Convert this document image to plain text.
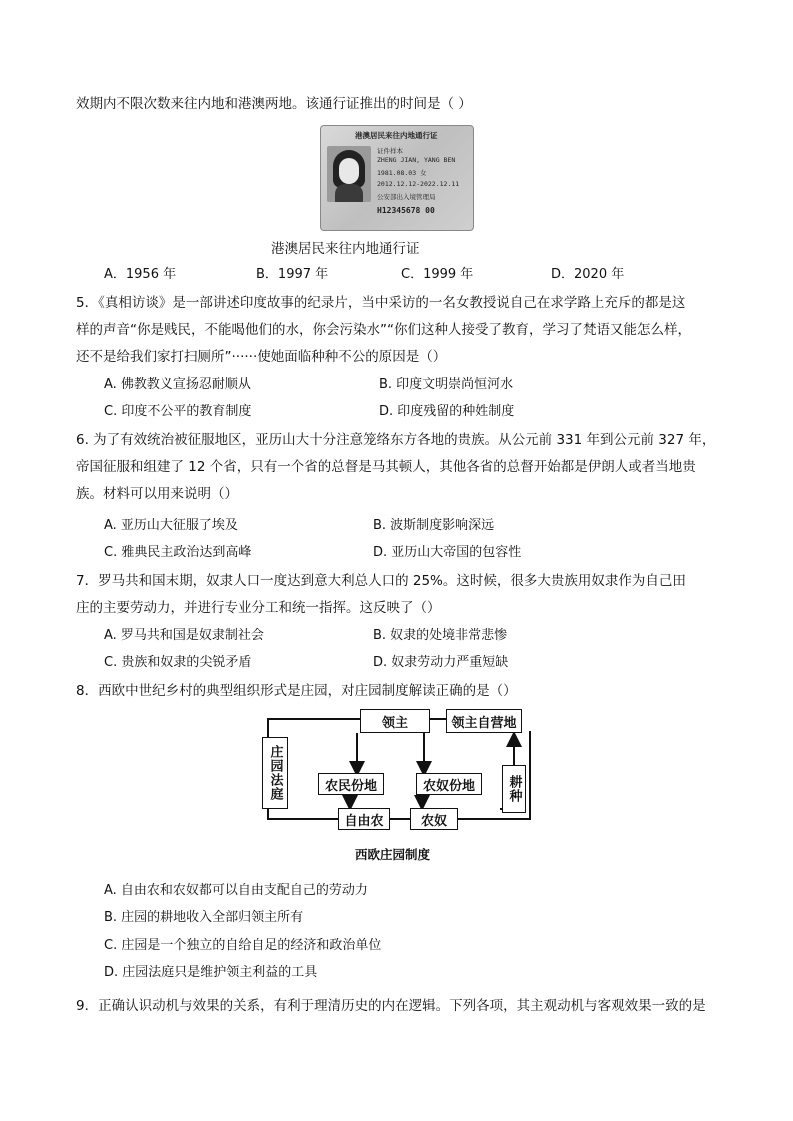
效期内不限次数来往内地和港澳两地。该通行证推出的时间是（ ）
港澳居民来往内地通行证
证件样本
ZHENG JIAN, YANG BEN
1981.08.03 女
2012.12.12-2022.12.11
公安部出入境管理局
H12345678 00
港澳居民来往内地通行证
A．1956 年	B．1997 年	C．1999 年	D．2020 年
5．《真相访谈》是一部讲述印度故事的纪录片，当中采访的一名女教授说自己在求学路上充斥的都是这
样的声音“你是贱民，不能喝他们的水，你会污染水”“你们这种人接受了教育，学习了梵语又能怎么样，
还不是给我们家打扫厕所”······使她面临种种不公的原因是（）
A. 佛教教义宣扬忍耐顺从	B. 印度文明崇尚恒河水
C. 印度不公平的教育制度	D. 印度残留的种姓制度
6. 为了有效统治被征服地区，亚历山大十分注意笼络东方各地的贵族。从公元前 331 年到公元前 327 年，
帝国征服和组建了 12 个省，只有一个省的总督是马其顿人，其他各省的总督开始都是伊朗人或者当地贵
族。材料可以用来说明（）
A. 亚历山大征服了埃及	B. 波斯制度影响深远
C. 雅典民主政治达到高峰	D. 亚历山大帝国的包容性
7．罗马共和国末期，奴隶人口一度达到意大利总人口的 25%。这时候，很多大贵族用奴隶作为自己田
庄的主要劳动力，并进行专业分工和统一指挥。这反映了（）
A. 罗马共和国是奴隶制社会	B. 奴隶的处境非常悲惨
C. 贵族和奴隶的尖锐矛盾	D. 奴隶劳动力严重短缺
8．西欧中世纪乡村的典型组织形式是庄园，对庄园制度解读正确的是（）
领主	领主自营地
庄园法庭	耕种
农民份地	农奴份地
自由农	农奴
西欧庄园制度
A. 自由农和农奴都可以自由支配自己的劳动力
B. 庄园的耕地收入全部归领主所有
C. 庄园是一个独立的自给自足的经济和政治单位
D. 庄园法庭只是维护领主利益的工具
9．正确认识动机与效果的关系，有利于理清历史的内在逻辑。下列各项，其主观动机与客观效果一致的是
